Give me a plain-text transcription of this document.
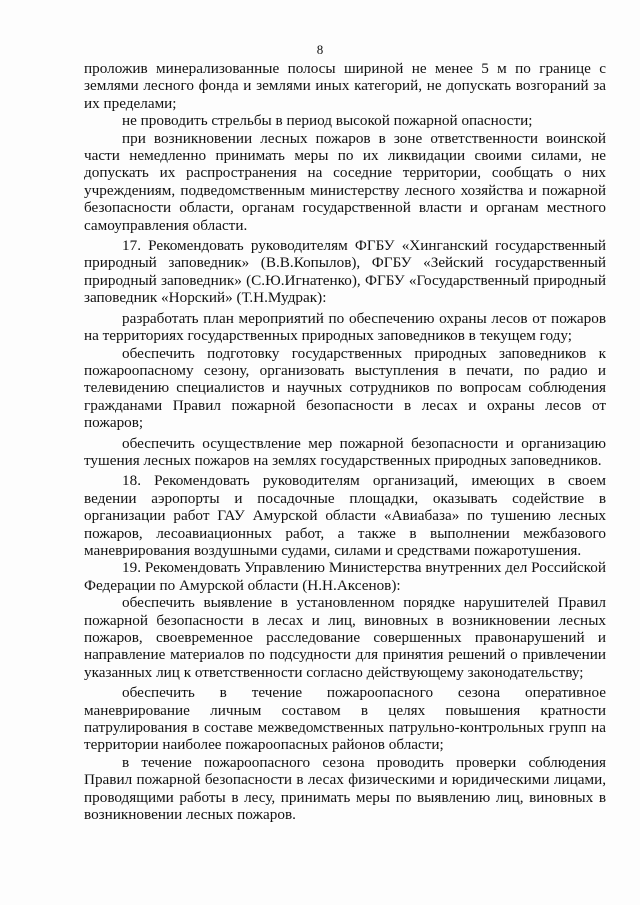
8

проложив минерализованные полосы шириной не менее 5 м по границе с землями лесного фонда и землями иных категорий, не допускать возгораний за их пределами;

не проводить стрельбы в период высокой пожарной опасности;

при возникновении лесных пожаров в зоне ответственности воинской части немедленно принимать меры по их ликвидации своими силами, не допускать их распространения на соседние территории, сообщать о них учреждениям, подведомственным министерству лесного хозяйства и пожарной безопасности области, органам государственной власти и органам местного самоуправления области.

17. Рекомендовать руководителям ФГБУ «Хинганский государственный природный заповедник» (В.В.Копылов), ФГБУ «Зейский государственный природный заповедник» (С.Ю.Игнатенко), ФГБУ «Государственный природный заповедник «Норский» (Т.Н.Мудрак):

разработать план мероприятий по обеспечению охраны лесов от пожаров на территориях государственных природных заповедников в текущем году;

обеспечить подготовку государственных природных заповедников к пожароопасному сезону, организовать выступления в печати, по радио и телевидению специалистов и научных сотрудников по вопросам соблюдения гражданами Правил пожарной безопасности в лесах и охраны лесов от пожаров;

обеспечить осуществление мер пожарной безопасности и организацию тушения лесных пожаров на землях государственных природных заповедников.

18. Рекомендовать руководителям организаций, имеющих в своем ведении аэропорты и посадочные площадки, оказывать содействие в организации работ ГАУ Амурской области «Авиабаза» по тушению лесных пожаров, лесоавиационных работ, а также в выполнении межбазового маневрирования воздушными судами, силами и средствами пожаротушения.

19. Рекомендовать Управлению Министерства внутренних дел Российской Федерации по Амурской области (Н.Н.Аксенов):

обеспечить выявление в установленном порядке нарушителей Правил пожарной безопасности в лесах и лиц, виновных в возникновении лесных пожаров, своевременное расследование совершенных правонарушений и направление материалов по подсудности для принятия решений о привлечении указанных лиц к ответственности согласно действующему законодательству;

обеспечить в течение пожароопасного сезона оперативное маневрирование личным составом в целях повышения кратности патрулирования в составе межведомственных патрульно-контрольных групп на территории наиболее пожароопасных районов области;

в течение пожароопасного сезона проводить проверки соблюдения Правил пожарной безопасности в лесах физическими и юридическими лицами, проводящими работы в лесу, принимать меры по выявлению лиц, виновных в возникновении лесных пожаров.
